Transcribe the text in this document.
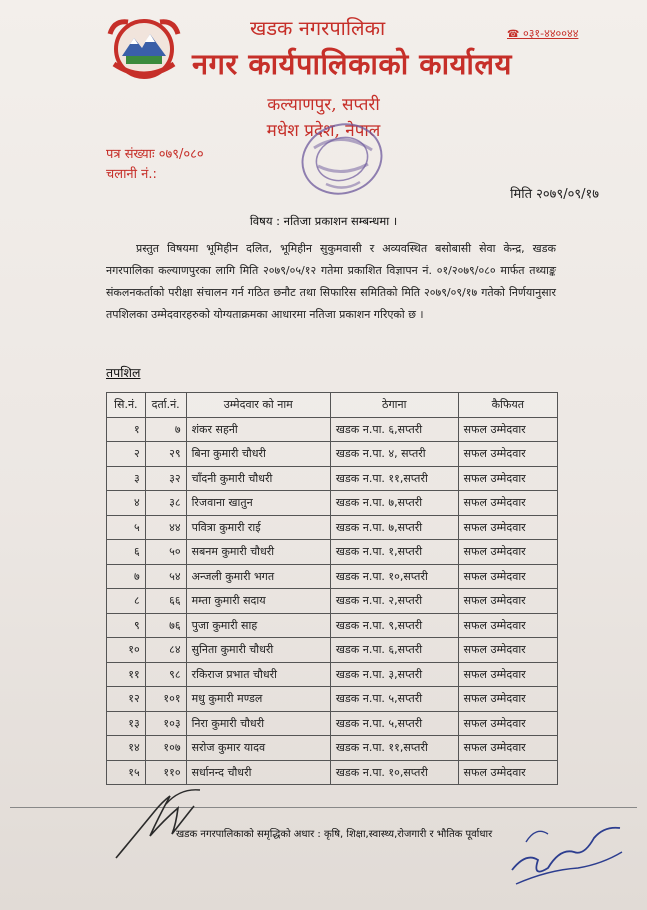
खडक नगरपालिका
नगर कार्यपालिकाको कार्यालय
☎ ०३१-४४००४४
कल्याणपुर, सप्तरी
मधेश प्रदेश, नेपाल
पत्र संख्याः ०७९/०८०
चलानी नं.:
मिति २०७९/०९/१७
विषय : नतिजा प्रकाशन सम्बन्धमा ।
प्रस्तुत विषयमा भूमिहीन दलित, भूमिहीन सुकुमवासी र अव्यवस्थित बसोबासी सेवा केन्द्र, खडक नगरपालिका कल्याणपुरका लागि मिति २०७९/०५/१२ गतेमा प्रकाशित विज्ञापन नं. ०१/२०७९/०८० मार्फत तथ्याङ्क संकलनकर्ताको परीक्षा संचालन गर्न गठित छनौट तथा सिफारिस समितिको मिति २०७९/०९/१७ गतेको निर्णयानुसार तपशिलका उम्मेदवारहरुको योग्यताक्रमका आधारमा नतिजा प्रकाशन गरिएको छ ।
तपशिल
सि.नं.	दर्ता.नं.	उम्मेदवार को नाम	ठेगाना	कैफियत
१	७	शंकर सहनी	खडक न.पा. ६,सप्तरी	सफल उम्मेदवार
२	२९	बिना कुमारी चौधरी	खडक न.पा. ४, सप्तरी	सफल उम्मेदवार
३	३२	चाँदनी कुमारी चौधरी	खडक न.पा. ११,सप्तरी	सफल उम्मेदवार
४	३८	रिजवाना खातुन	खडक न.पा. ७,सप्तरी	सफल उम्मेदवार
५	४४	पवित्रा कुमारी राई	खडक न.पा. ७,सप्तरी	सफल उम्मेदवार
६	५०	सबनम कुमारी चौधरी	खडक न.पा. १,सप्तरी	सफल उम्मेदवार
७	५४	अन्जली कुमारी भगत	खडक न.पा. १०,सप्तरी	सफल उम्मेदवार
८	६६	मम्ता कुमारी सदाय	खडक न.पा. २,सप्तरी	सफल उम्मेदवार
९	७६	पुजा कुमारी साह	खडक न.पा. ९,सप्तरी	सफल उम्मेदवार
१०	८४	सुनिता कुमारी चौधरी	खडक न.पा. ६,सप्तरी	सफल उम्मेदवार
११	९८	रकिराज प्रभात चौधरी	खडक न.पा. ३,सप्तरी	सफल उम्मेदवार
१२	१०१	मधु कुमारी मण्डल	खडक न.पा. ५,सप्तरी	सफल उम्मेदवार
१३	१०३	निरा कुमारी चौधरी	खडक न.पा. ५,सप्तरी	सफल उम्मेदवार
१४	१०७	सरोज कुमार यादव	खडक न.पा. ११,सप्तरी	सफल उम्मेदवार
१५	११०	सर्धानन्द चौधरी	खडक न.पा. १०,सप्तरी	सफल उम्मेदवार
खडक नगरपालिकाको समृद्धिको अधार : कृषि, शिक्षा,स्वास्थ्य,रोजगारी र भौतिक पूर्वाधार
